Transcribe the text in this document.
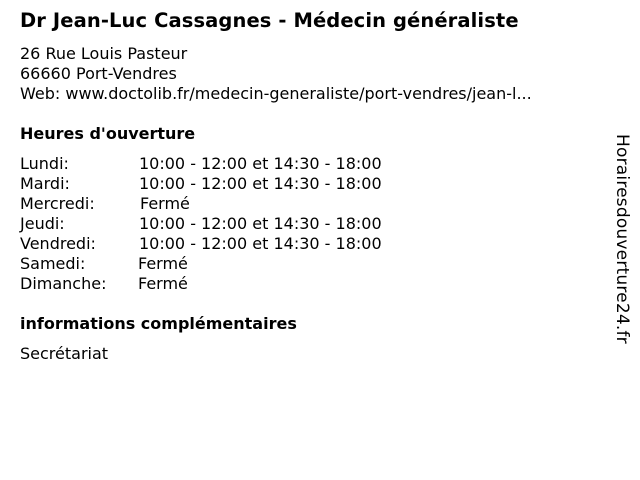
Dr Jean-Luc Cassagnes - Médecin généraliste
26 Rue Louis Pasteur
66660 Port-Vendres
Web: www.doctolib.fr/medecin-generaliste/port-vendres/jean-l...
Heures d'ouverture
Lundi:	10:00 - 12:00 et 14:30 - 18:00
Mardi:	10:00 - 12:00 et 14:30 - 18:00
Mercredi:	Fermé
Jeudi:	10:00 - 12:00 et 14:30 - 18:00
Vendredi:	10:00 - 12:00 et 14:30 - 18:00
Samedi:	Fermé
Dimanche: Fermé
informations complémentaires
Secrétariat
Horairesdouverture24.fr
